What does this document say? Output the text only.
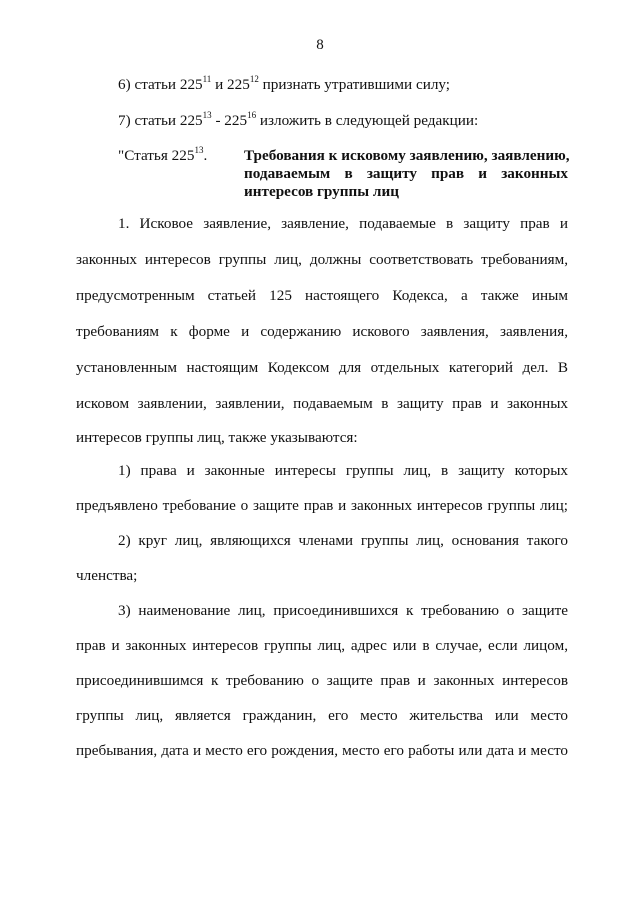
8
6) статьи $225^{11}$ и $225^{12}$ признать утратившими силу;
7) статьи $225^{13} - 225^{16}$ изложить в следующей редакции:
"Статья $225^{13}$. Требования к исковому заявлению, заявлению,
подаваемым в защиту прав и законных
интересов группы лиц
1. Исковое заявление, заявление, подаваемые в защиту прав и
законных интересов группы лиц, должны соответствовать требованиям,
предусмотренным статьей 125 настоящего Кодекса, а также иным
требованиям к форме и содержанию искового заявления, заявления,
установленным настоящим Кодексом для отдельных категорий дел. В
исковом заявлении, заявлении, подаваемым в защиту прав и законных
интересов группы лиц, также указываются:
1) права и законные интересы группы лиц, в защиту которых
предъявлено требование о защите прав и законных интересов группы лиц;
2) круг лиц, являющихся членами группы лиц, основания такого
членства;
3) наименование лиц, присоединившихся к требованию о защите
прав и законных интересов группы лиц, адрес или в случае, если лицом,
присоединившимся к требованию о защите прав и законных интересов
группы лиц, является гражданин, его место жительства или место
пребывания, дата и место его рождения, место его работы или дата и место
